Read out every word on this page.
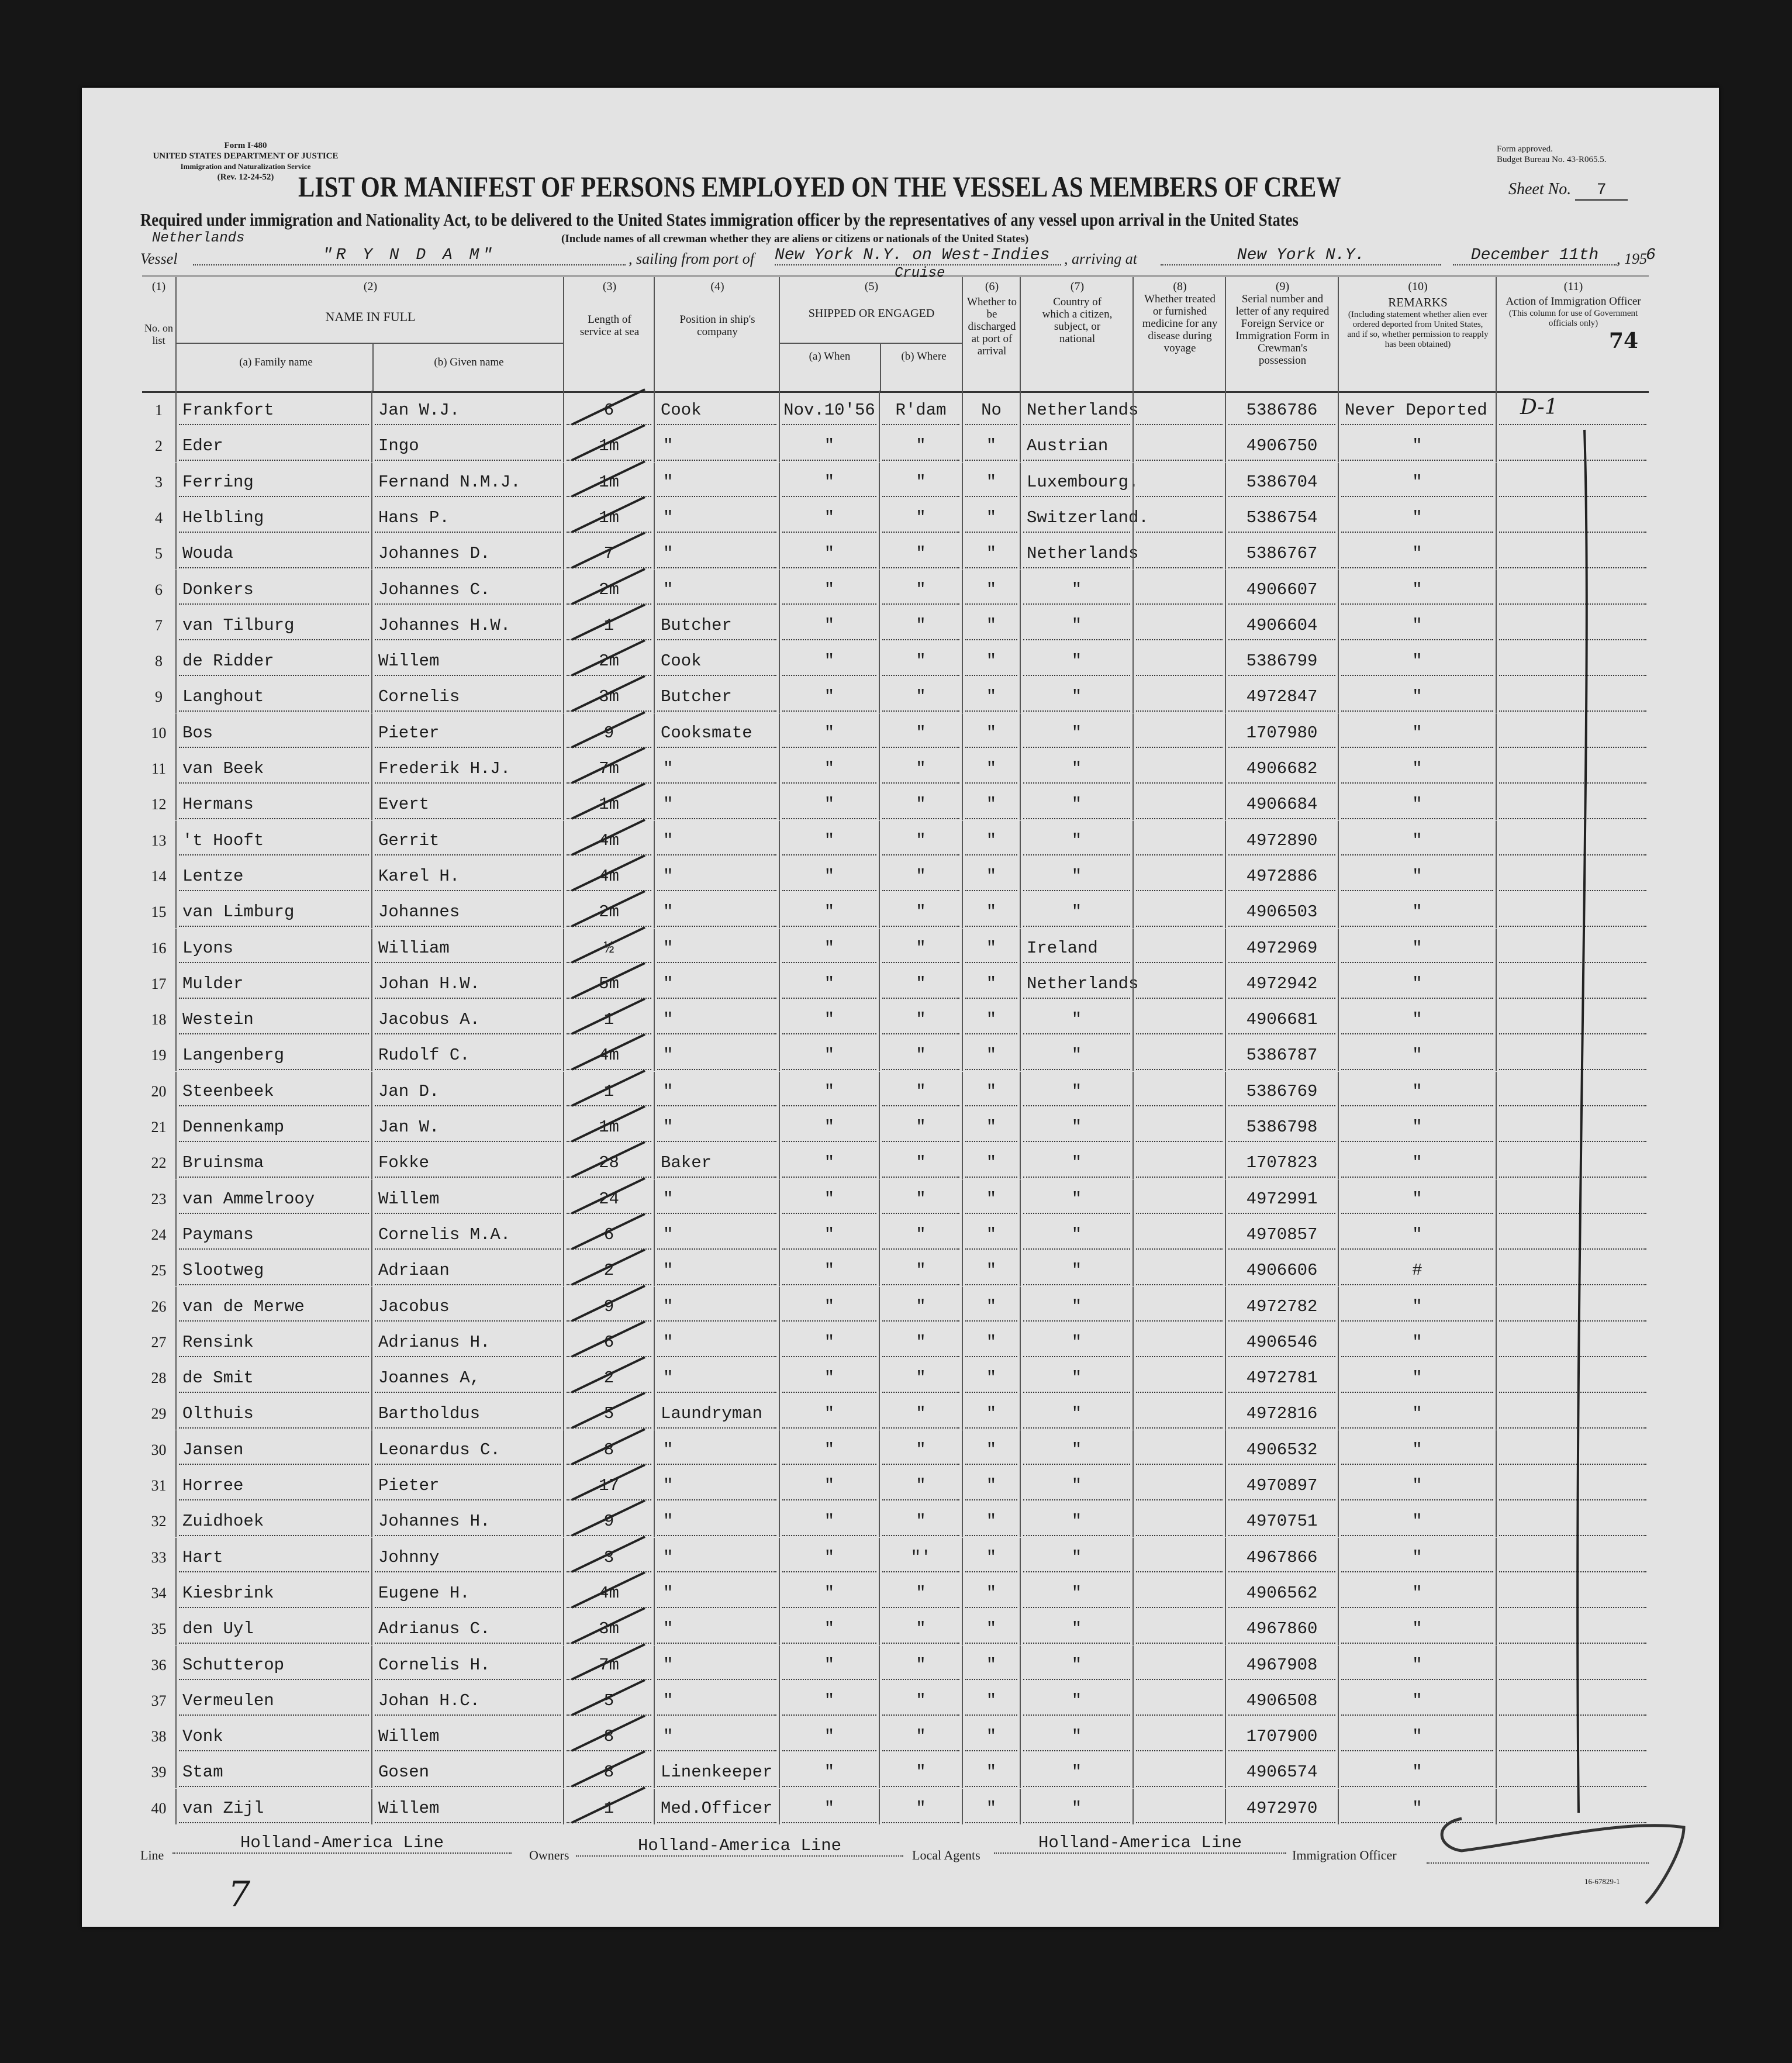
Form I-480
UNITED STATES DEPARTMENT OF JUSTICE
Immigration and Naturalization Service
(Rev. 12-24-52)
Form approved.
Budget Bureau No. 43-R065.5.
LIST OR MANIFEST OF PERSONS EMPLOYED ON THE VESSEL AS MEMBERS OF CREW	Sheet No. 7
Required under immigration and Nationality Act, to be delivered to the United States immigration officer by the representatives of any vessel upon arrival in the United States
(Include names of all crewman whether they are aliens or citizens or nationals of the United States)
Netherlands
Vessel	"R Y N D A M"	, sailing from port of New York N.Y. on West-Indies
Cruise
, arriving at	New York N.Y.	December 11th	, 195
6
(1)
No. on list
(2)
NAME IN FULL
(a) Family name	(b) Given name
(3)
Length of service at sea
(4)
Position in ship's company
(5)
SHIPPED OR ENGAGED
(a) When	(b) Where
(6)
Whether to be discharged at port of arrival
(7)
Country of which a citizen, subject, or national
(8)
Whether treated or furnished medicine for any disease during voyage
(9)
Serial number and letter of any required Foreign Service or Immigration Form in Crewman's possession
(10)
REMARKS
(Including statement whether alien ever ordered deported from United States, and if so, whether permission to reapply has been obtained)
(11)
Action of Immigration Officer
(This column for use of Government officials only)
74
1	Frankfort	Jan W.J.	6	Cook	Nov.10'56	R'dam	No	Netherlands	5386786	Never Deported	D-1
2	Eder	Ingo	1m	"	"	"	"	Austrian	4906750	"
3	Ferring	Fernand N.M.J.	1m	"	"	"	"	Luxembourg.	5386704	"
4	Helbling	Hans P.	1m	"	"	"	"	Switzerland.	5386754	"
5	Wouda	Johannes D.	7	"	"	"	"	Netherlands	5386767	"
6	Donkers	Johannes C.	2m	"	"	"	"	"	4906607	"
7	van Tilburg	Johannes H.W.	1	Butcher	"	"	"	"	4906604	"
8	de Ridder	Willem	2m	Cook	"	"	"	"	5386799	"
9	Langhout	Cornelis	3m	Butcher	"	"	"	"	4972847	"
10 Bos	Pieter	9	Cooksmate	"	"	"	"	1707980	"
11 van Beek	Frederik H.J.	7m	"	"	"	"	"	4906682	"
12 Hermans	Evert	1m	"	"	"	"	"	4906684	"
13 't Hooft	Gerrit	4m	"	"	"	"	"	4972890	"
14 Lentze	Karel H.	4m	"	"	"	"	"	4972886	"
15 van Limburg	Johannes	2m	"	"	"	"	"	4906503	"
16 Lyons	William	½	"	"	"	"	Ireland	4972969	"
17 Mulder	Johan H.W.	5m	"	"	"	"	Netherlands	4972942	"
18 Westein	Jacobus A.	1	"	"	"	"	"	4906681	"
19 Langenberg	Rudolf C.	4m	"	"	"	"	"	5386787	"
20 Steenbeek	Jan D.	1	"	"	"	"	"	5386769	"
21 Dennenkamp	Jan W.	1m	"	"	"	"	"	5386798	"
22 Bruinsma	Fokke	28	Baker	"	"	"	"	1707823	"
23 van Ammelrooy	Willem	24	"	"	"	"	"	4972991	"
24 Paymans	Cornelis M.A.	6	"	"	"	"	"	4970857	"
25 Slootweg	Adriaan	2	"	"	"	"	"	4906606	#
26 van de Merwe	Jacobus	9	"	"	"	"	"	4972782	"
27 Rensink	Adrianus H.	6	"	"	"	"	"	4906546	"
28 de Smit	Joannes A,	2	"	"	"	"	"	4972781	"
29 Olthuis	Bartholdus	5	Laundryman	"	"	"	"	4972816	"
30 Jansen	Leonardus C.	8	"	"	"	"	"	4906532	"
31 Horree	Pieter	17	"	"	"	"	"	4970897	"
32 Zuidhoek	Johannes H.	9	"	"	"	"	"	4970751	"
33 Hart	Johnny	3	"	"	"'	"	"	4967866	"
34 Kiesbrink	Eugene H.	4m	"	"	"	"	"	4906562	"
35 den Uyl	Adrianus C.	3m	"	"	"	"	"	4967860	"
36 Schutterop	Cornelis H.	7m	"	"	"	"	"	4967908	"
37 Vermeulen	Johan H.C.	5	"	"	"	"	"	4906508	"
38 Vonk	Willem	8	"	"	"	"	"	1707900	"
39 Stam	Gosen	8	Linenkeeper	"	"	"	"	4906574	"
40 van Zijl	Willem	1	Med.Officer	"	"	"	"	4972970	"
Line
Holland-America Line
Owners	Holland-America Line	Local Agents
Holland-America Line
Immigration Officer
16-67829-1
7
